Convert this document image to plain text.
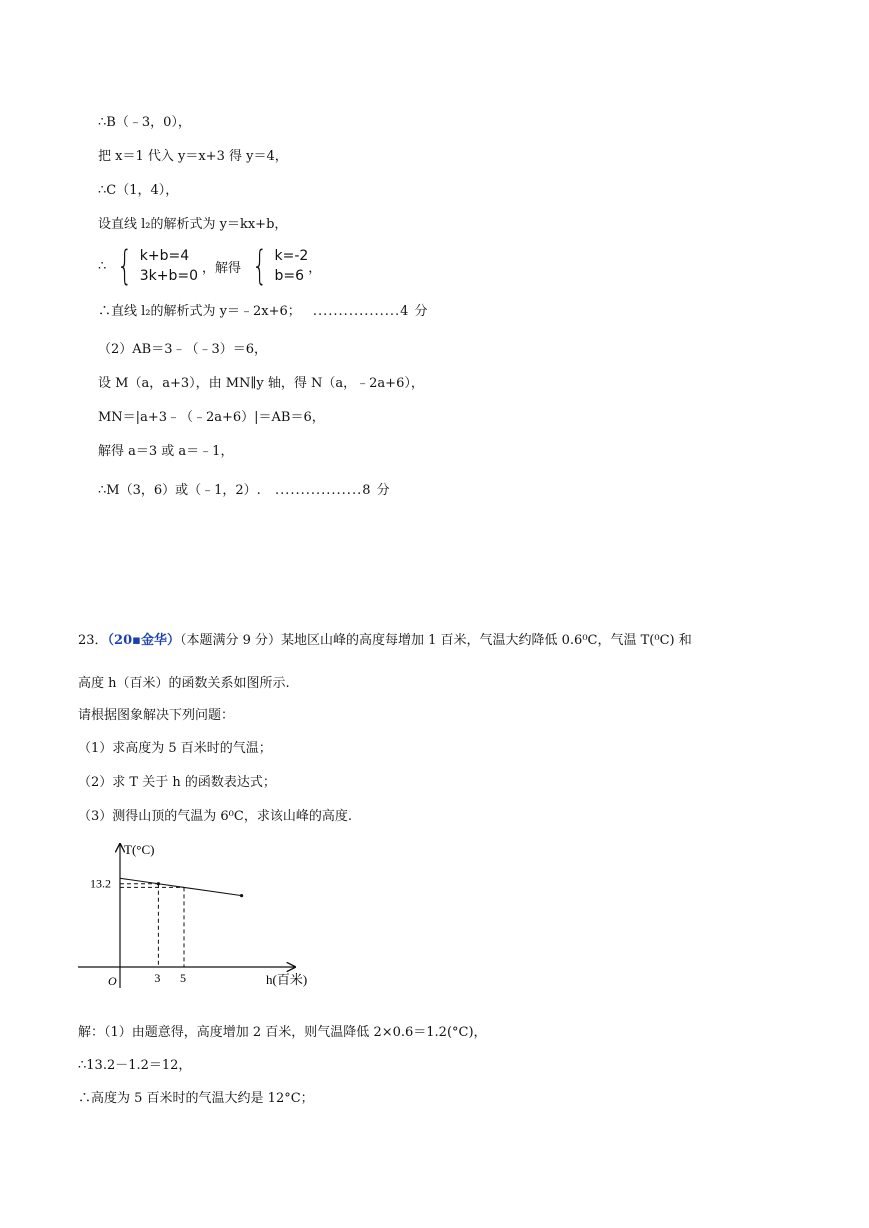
∴B（﹣3，0），
把 x＝1 代入 y＝x+3 得 y＝4，
∴C（1，4），
设直线 l₂的解析式为 y＝kx+b，
∴ { k+b=4
3k+b=0 ，解得 { k=-2
b=6 ，
∴直线 l₂的解析式为 y＝﹣2x+6； .................4 分
（2）AB＝3﹣（﹣3）＝6，
设 M（a，a+3），由 MN∥y 轴，得 N（a，﹣2a+6），
MN＝|a+3﹣（﹣2a+6）|＝AB＝6，
解得 a＝3 或 a＝﹣1，
∴M（3，6）或（﹣1，2）. .................8 分
23．（20▪金华）（本题满分 9 分）某地区山峰的高度每增加 1 百米，气温大约降低 0.6⁰C，气温 T(⁰C) 和
高度 h（百米）的函数关系如图所示.
请根据图象解决下列问题：
（1）求高度为 5 百米时的气温；
（2）求 T 关于 h 的函数表达式；
（3）测得山顶的气温为 6⁰C，求该山峰的高度.
T(°C)
h(百米)
O
13.2
3 5
解：（1）由题意得，高度增加 2 百米，则气温降低 2×0.6＝1.2(°C)，
∴13.2－1.2＝12，
∴高度为 5 百米时的气温大约是 12°C；
